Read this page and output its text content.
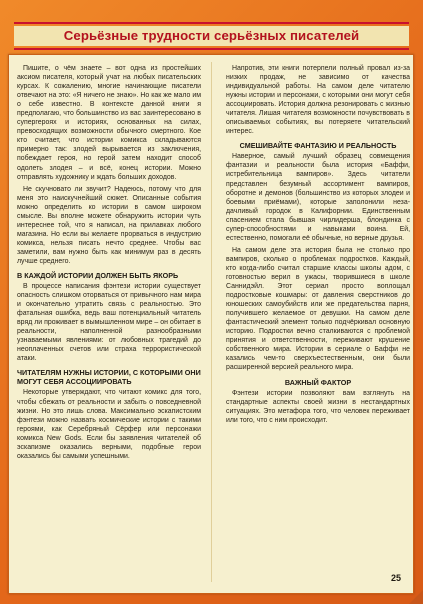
Серьёзные трудности серьёзных писателей

Пишите, о чём знаете – вот одна из простейших аксиом писателя, который учат на любых писательских курсах. К сожалению, многие начинающие писатели отвечают на это: «Я ничего не знаю». Но как же мало им о себе известно. В контексте данной книги я предполагаю, что большинство из вас заинтересовано в супергероях и историях, основанных на силах, превосходящих возможности обычного смертного. Кое кто считает, что истории комикса складываются примерно так: злодей вырывается из заключения, побеждает героя, но герой затем находит способ одолеть злодея – и всё, конец истории. Можно отправлять художнику и ждать больших доходов.

Не скучновато ли звучит? Надеюсь, потому что для меня это наискучнейший сюжет. Описанные события можно определить ко истории в самом широком смысле. Вы вполне можете обнаружить истории чуть интереснее той, что я написал, на прилавках любого магазина. Но если вы желаете прорваться в индустрию комикса, нельзя писать нечто среднее. Чтобы вас заметили, вам нужно быть как минимум раз в десять лучше среднего.

В КАЖДОЙ ИСТОРИИ ДОЛЖЕН БЫТЬ ЯКОРЬ

В процессе написания фэнтези истории существует опасность слишком оторваться от привычного нам мира и окончательно утратить связь с реальностью. Это фатальная ошибка, ведь ваш потенциальный читатель вряд ли проживает в вымышленном мире – он обитает в реальности, наполненной разнообразными узнаваемыми явлениями: от любовных трагедий до неоплаченных счетов или страха террористической атаки.

ЧИТАТЕЛЯМ НУЖНЫ ИСТОРИИ, С КОТОРЫМИ ОНИ МОГУТ СЕБЯ АССОЦИИРОВАТЬ

Некоторые утверждают, что читают комикс для того, чтобы сбежать от реальности и забыть о повседневной жизни. Но это лишь слова. Максимально эскапистским фэнтези можно назвать космические истории с такими героями, как Серебряный Сёрфер или персонажи комикса New Gods. Если бы заявления читателей об эскапизме оказались верными, подобные герои оказались бы самыми успешными.

Напротив, эти книги потерпели полный провал из-за низких продаж, не зависимо от качества индивидуальной работы. На самом деле читателю нужны истории и персонажи, с которыми они могут себя ассоциировать. История должна резонировать с жизнью читателя. Лишая читателя возможности почувствовать в описываемых событиях, вы потеряете читательский интерес.

СМЕШИВАЙТЕ ФАНТАЗИЮ И РЕАЛЬНОСТЬ

Наверное, самый лучший образец совмещения фантазии и реальности была история «Баффи, истребительница вампиров». Здесь читатели представлен безумный ассортимент вампиров, оборотне и демонов (большинство из которых злодеи и боевыми приёмами), которые заполонили незадачливый городок в Калифорнии. Единственным спасением стала бывшая чирлидерша, блондинка с супер-способностями и навыками воина. Ей, естественно, помогали её обычные, но верные друзья.

На самом деле эта история была не столько про вампиров, сколько о проблемах подростков. Каждый, кто когда-либо считал старшие классы школы адом, с готовностью верил в ужасы, творившиеся в школе Саннидэйл. Этот сериал просто воплощал подростковые кошмары: от давления сверстников до юношеских самоубийств или же предательства парня, получившего желаемое от девушки. На самом деле фантастический элемент только подчёркивал основную историю. Подростки вечно сталкиваются с проблемой принятия и ответственности, переживают крушение собственного мира. Истории в сериале о Баффи не казались чем-то сверхъестественным, они были расширенной версией реального мира.

ВАЖНЫЙ ФАКТОР

Фэнтези истории позволяют вам взглянуть на стандартные аспекты своей жизни в нестандартных ситуациях. Это метафора того, что человек переживает или того, что с ним происходит.

25
